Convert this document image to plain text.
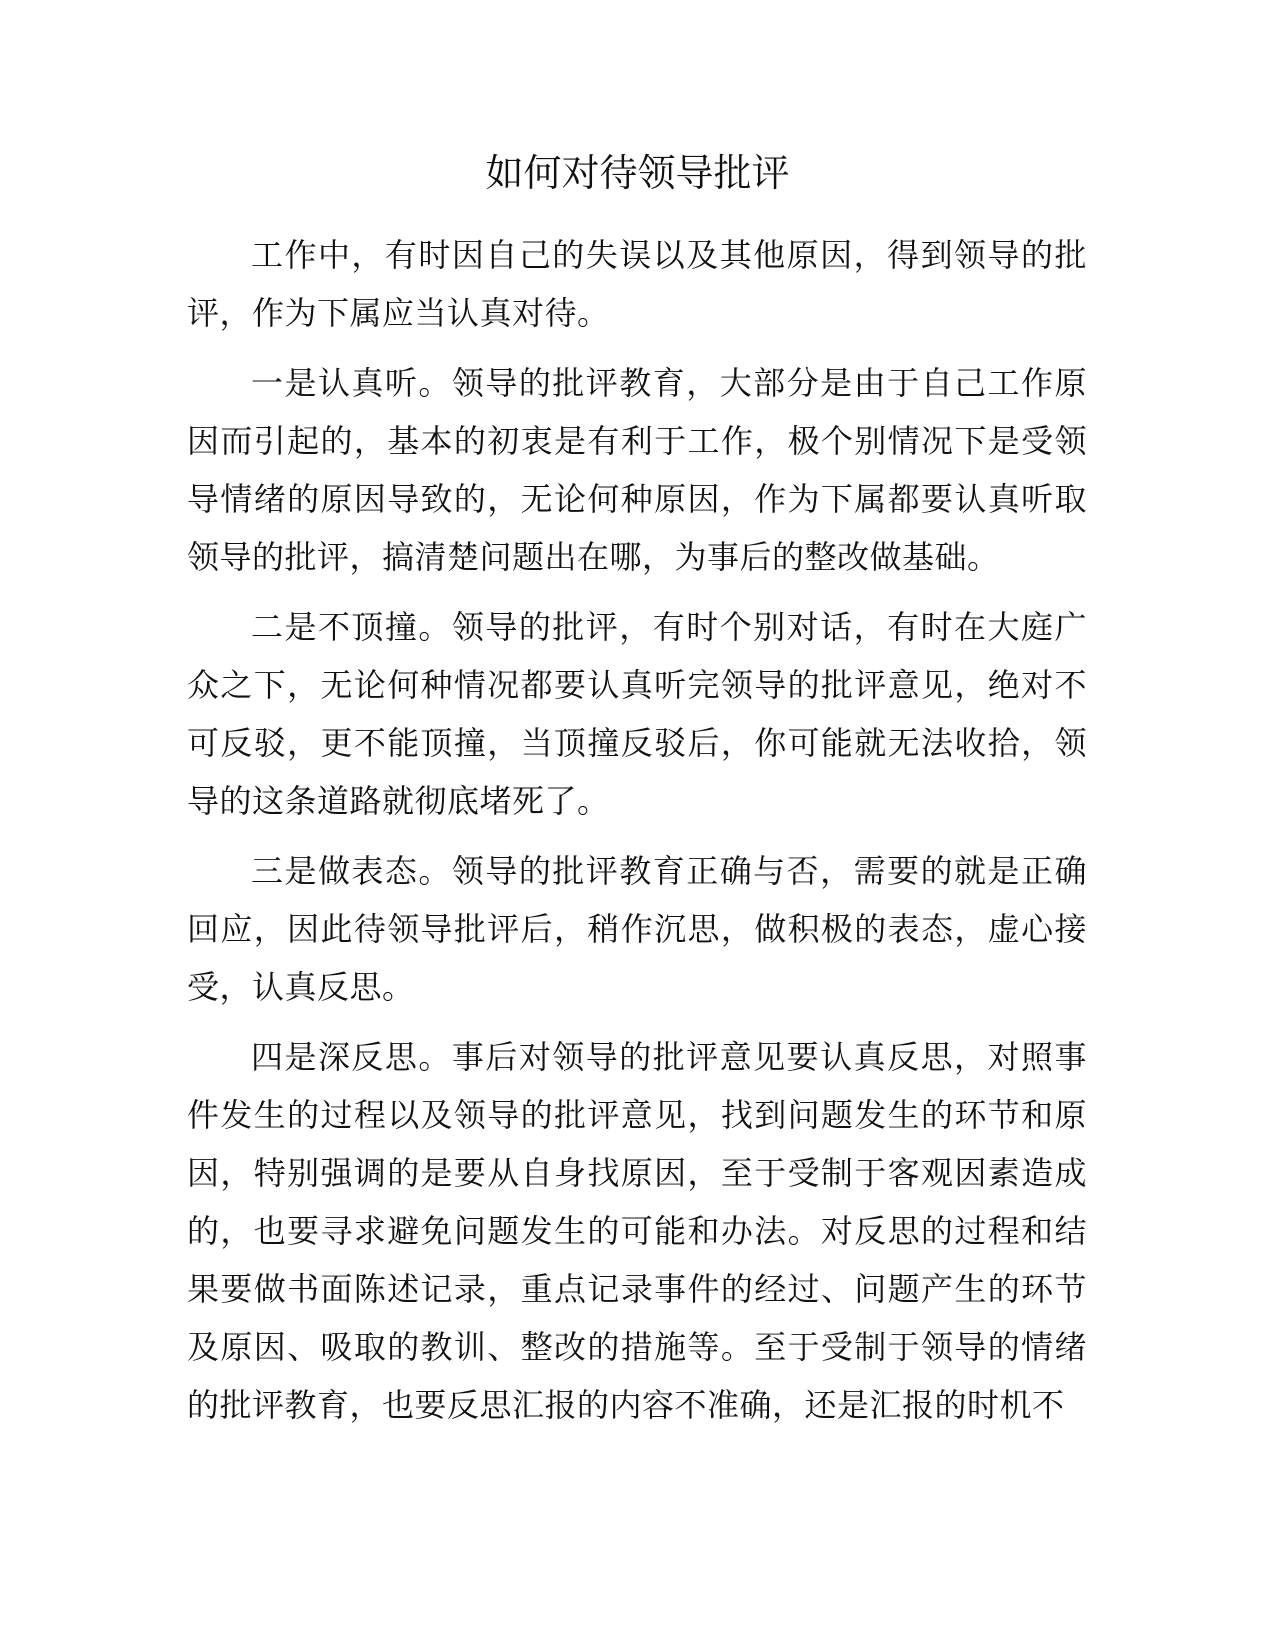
如何对待领导批评

工作中，有时因自己的失误以及其他原因，得到领导的批评，作为下属应当认真对待。

一是认真听。领导的批评教育，大部分是由于自己工作原因而引起的，基本的初衷是有利于工作，极个别情况下是受领导情绪的原因导致的，无论何种原因，作为下属都要认真听取领导的批评，搞清楚问题出在哪，为事后的整改做基础。

二是不顶撞。领导的批评，有时个别对话，有时在大庭广众之下，无论何种情况都要认真听完领导的批评意见，绝对不可反驳，更不能顶撞，当顶撞反驳后，你可能就无法收拾，领导的这条道路就彻底堵死了。

三是做表态。领导的批评教育正确与否，需要的就是正确回应，因此待领导批评后，稍作沉思，做积极的表态，虚心接受，认真反思。

四是深反思。事后对领导的批评意见要认真反思，对照事件发生的过程以及领导的批评意见，找到问题发生的环节和原因，特别强调的是要从自身找原因，至于受制于客观因素造成的，也要寻求避免问题发生的可能和办法。对反思的过程和结果要做书面陈述记录，重点记录事件的经过、问题产生的环节及原因、吸取的教训、整改的措施等。至于受制于领导的情绪的批评教育，也要反思汇报的内容不准确，还是汇报的时机不
